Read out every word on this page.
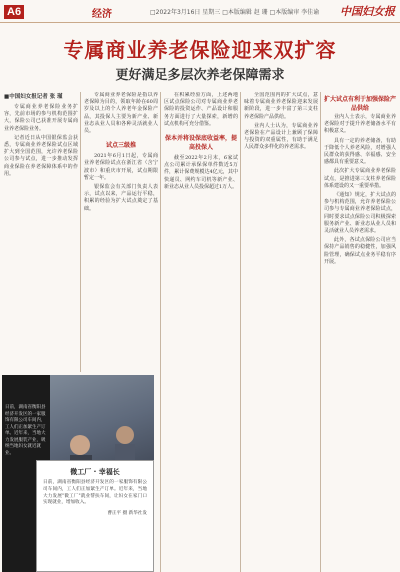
A6	经济	□2022年3月16日 星期三 □本版编辑 赵 珊 □本版编审 李佳谕 中国妇女报
专属商业养老保险迎来双扩容
更好满足多层次养老保障需求
■中国妇女报记者 张 瑾

专属商业养老保险业务扩容，先前市场的参与机构范围扩大，保险公司已获准开展专属商业养老保险业务。

记者近日从中国银保监会获悉，专属商业养老保险试点区域扩大到全国范围，允许养老保险公司参与试点，进一步推动发挥商业保险在养老保障体系中的作用。

专属商业养老保险是指以养老保障为目的，领取年龄在60周岁及以上的个人养老年金保险产品，其投保人主要为新产业、新业态从业人员和各种灵活就业人员。

试点三级推

2021年6月1日起，专属商业养老保险试点在浙江省（含宁波市）和重庆市开展，试点期限暂定一年。

银保监会有关部门负责人表示，试点以来，产品运行平稳，积累的经验为扩大试点奠定了基础。

在积累经验方面，上述两地区试点保险公司对专属商业养老保险的投资运作、产品设计和服务方面进行了大量探索，新增的试点机构可充分借鉴。

保本并将设保底收益率，提高投保人

截至2022年2月末，6家试点公司累计承保保单件数近5万件，累计保费规模达4亿元，其中快递员、网约车司机等新产业、新业态从业人员投保超过1万人。

全国范围内的扩大试点，意味着专属商业养老保险迎来发展新阶段，进一步丰富了第三支柱养老保险产品供给。

业内人士认为，专属商业养老保险在产品设计上兼顾了保障与投资的双重属性，有助于满足人民群众多样化的养老需求。

扩大试点有利于加强保险产品供给

业内人士表示，专属商业养老保险对于提升养老储备水平有积极意义。

具有一定的养老储备，有助于降低个人养老风险，对增强人民群众的获得感、幸福感、安全感都具有重要意义。

此次扩大专属商业养老保险试点，是推进第三支柱养老保险体系建设的又一重要举措。

《通知》规定，扩大试点的参与机构范围，允许养老保险公司参与专属商业养老保险试点，同时要求试点保险公司积极探索服务新产业、新业态从业人员和灵活就业人员养老需求。

此外，各试点保险公司应当保持产品销售的稳健性，加强风险管理，确保试点业务平稳有序开展。

日前，湖南省衡阳县经济开发区的一家服饰有限公司车间内，工人们正加紧生产订单。近年来，当地大力发展服装产业，吸纳当地妇女就近就业。
微工厂 · 幸福长
日前，湖南省衡阳县经济开发区的一家服饰有限公司车间内，工人们正加紧生产订单。近年来，当地大力发展"微工厂"就业帮扶车间，让妇女在家门口实现就业，增加收入。
曹正平 摄 新华社发
